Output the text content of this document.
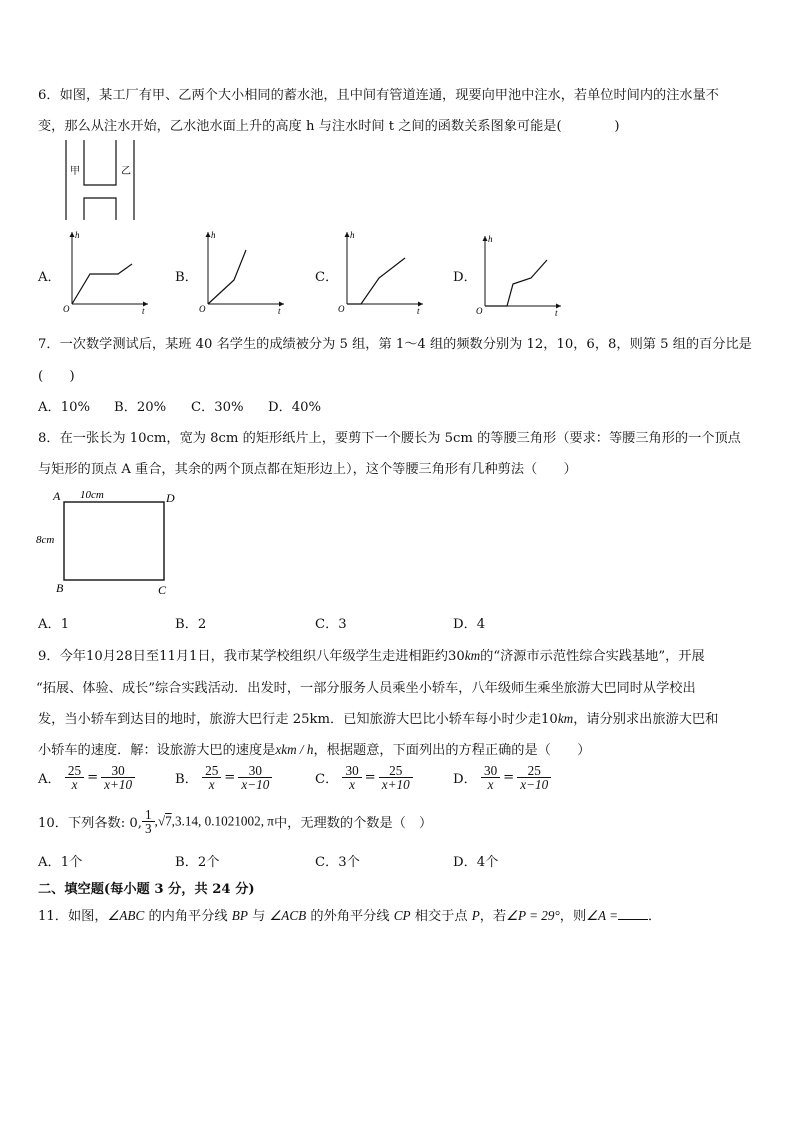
6．如图，某工厂有甲、乙两个大小相同的蓄水池，且中间有管道连通，现要向甲池中注水，若单位时间内的注水量不
变，那么从注水开始，乙水池水面上升的高度 h 与注水时间 t 之间的函数关系图象可能是(　　　　)
甲	乙
A．
h
t
O
B．
h
t
O
C．
h
t
O
D．
h
t
O
7．一次数学测试后，某班 40 名学生的成绩被分为 5 组，第 1～4 组的频数分别为 12，10，6，8，则第 5 组的百分比是
(　　)
A．10% B．20% C．30% D．40%
8．在一张长为 10cm，宽为 8cm 的矩形纸片上，要剪下一个腰长为 5cm 的等腰三角形（要求：等腰三角形的一个顶点
与矩形的顶点 A 重合，其余的两个顶点都在矩形边上），这个等腰三角形有几种剪法（　　）
A	D
B	C
10cm
8cm
A．1	B．2	C．3	D．4
9．今年10月28日至11月1日，我市某学校组织八年级学生走进相距约30km的“济源市示范性综合实践基地”，开展
“拓展、体验、成长”综合实践活动．出发时，一部分服务人员乘坐小轿车，八年级师生乘坐旅游大巴同时从学校出
发，当小轿车到达目的地时，旅游大巴行走 25km．已知旅游大巴比小轿车每小时少走10km，请分别求出旅游大巴和
小轿车的速度．解：设旅游大巴的速度是xkm / h，根据题意，下面列出的方程正确的是（　　）
A． $\frac{25}{x} = \frac{30}{x+10}$	B． $\frac{25}{x} = \frac{30}{x-10}$	C． $\frac{30}{x} = \frac{25}{x+10}$	D． $\frac{30}{x} = \frac{25}{x-10}$
10．下列各数: 0, $\frac{1}{3} ,√7,3.14$, 0.1021002, π中，无理数的个数是（　）
A．1个	B．2个	C．3个	D．4个
二、填空题(每小题 3 分，共 24 分)
11．如图，∠ABC 的内角平分线 BP 与 ∠ACB 的外角平分线 CP 相交于点 P，若∠P = 29°，则∠A = ．
